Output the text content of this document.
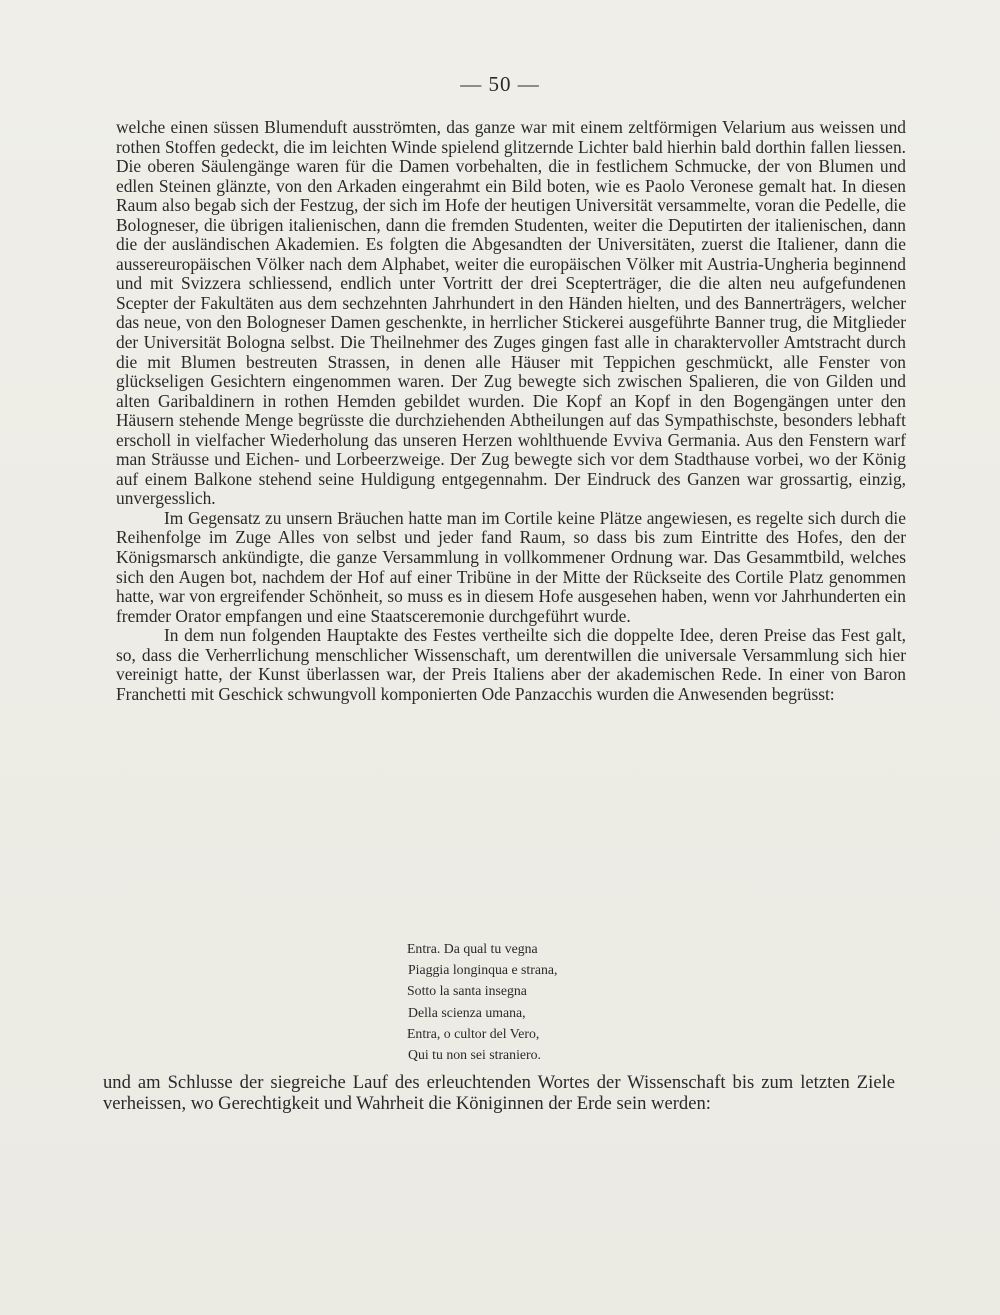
— 50 —

welche einen süssen Blumenduft ausströmten, das ganze war mit einem zeltförmigen Velarium aus weissen und rothen Stoffen gedeckt, die im leichten Winde spielend glitzernde Lichter bald hierhin bald dorthin fallen liessen. Die oberen Säulengänge waren für die Damen vorbehalten, die in festlichem Schmucke, der von Blumen und edlen Steinen glänzte, von den Arkaden eingerahmt ein Bild boten, wie es Paolo Veronese gemalt hat. In diesen Raum also begab sich der Festzug, der sich im Hofe der heutigen Universität versammelte, voran die Pedelle, die Bologneser, die übrigen italienischen, dann die fremden Studenten, weiter die Deputirten der italienischen, dann die der ausländischen Akademien. Es folgten die Abgesandten der Universitäten, zuerst die Italiener, dann die aussereuropäischen Völker nach dem Alphabet, weiter die europäischen Völker mit Austria-Ungheria beginnend und mit Svizzera schliessend, endlich unter Vortritt der drei Scepterträger, die die alten neu aufgefundenen Scepter der Fakultäten aus dem sechzehnten Jahrhundert in den Händen hielten, und des Bannerträgers, welcher das neue, von den Bologneser Damen geschenkte, in herrlicher Stickerei ausgeführte Banner trug, die Mitglieder der Universität Bologna selbst. Die Theilnehmer des Zuges gingen fast alle in charaktervoller Amtstracht durch die mit Blumen bestreuten Strassen, in denen alle Häuser mit Teppichen geschmückt, alle Fenster von glückseligen Gesichtern eingenommen waren. Der Zug bewegte sich zwischen Spalieren, die von Gilden und alten Garibaldinern in rothen Hemden gebildet wurden. Die Kopf an Kopf in den Bogengängen unter den Häusern stehende Menge begrüsste die durchziehenden Abtheilungen auf das Sympathischste, besonders lebhaft erscholl in vielfacher Wiederholung das unseren Herzen wohlthuende Evviva Germania. Aus den Fenstern warf man Sträusse und Eichen- und Lorbeerzweige. Der Zug bewegte sich vor dem Stadthause vorbei, wo der König auf einem Balkone stehend seine Huldigung entgegennahm. Der Eindruck des Ganzen war grossartig, einzig, unvergesslich.

Im Gegensatz zu unsern Bräuchen hatte man im Cortile keine Plätze angewiesen, es regelte sich durch die Reihenfolge im Zuge Alles von selbst und jeder fand Raum, so dass bis zum Eintritte des Hofes, den der Königsmarsch ankündigte, die ganze Versammlung in vollkommener Ordnung war. Das Gesammtbild, welches sich den Augen bot, nachdem der Hof auf einer Tribüne in der Mitte der Rückseite des Cortile Platz genommen hatte, war von ergreifender Schönheit, so muss es in diesem Hofe ausgesehen haben, wenn vor Jahrhunderten ein fremder Orator empfangen und eine Staatsceremonie durchgeführt wurde.

In dem nun folgenden Hauptakte des Festes vertheilte sich die doppelte Idee, deren Preise das Fest galt, so, dass die Verherrlichung menschlicher Wissenschaft, um derentwillen die universale Versammlung sich hier vereinigt hatte, der Kunst überlassen war, der Preis Italiens aber der akademischen Rede. In einer von Baron Franchetti mit Geschick schwungvoll komponierten Ode Panzacchis wurden die Anwesenden begrüsst:

Entra. Da qual tu vegna
Piaggia longinqua e strana,
Sotto la santa insegna
Della scienza umana,
Entra, o cultor del Vero,
Qui tu non sei straniero.

und am Schlusse der siegreiche Lauf des erleuchtenden Wortes der Wissenschaft bis zum letzten Ziele verheissen, wo Gerechtigkeit und Wahrheit die Königinnen der Erde sein werden:
